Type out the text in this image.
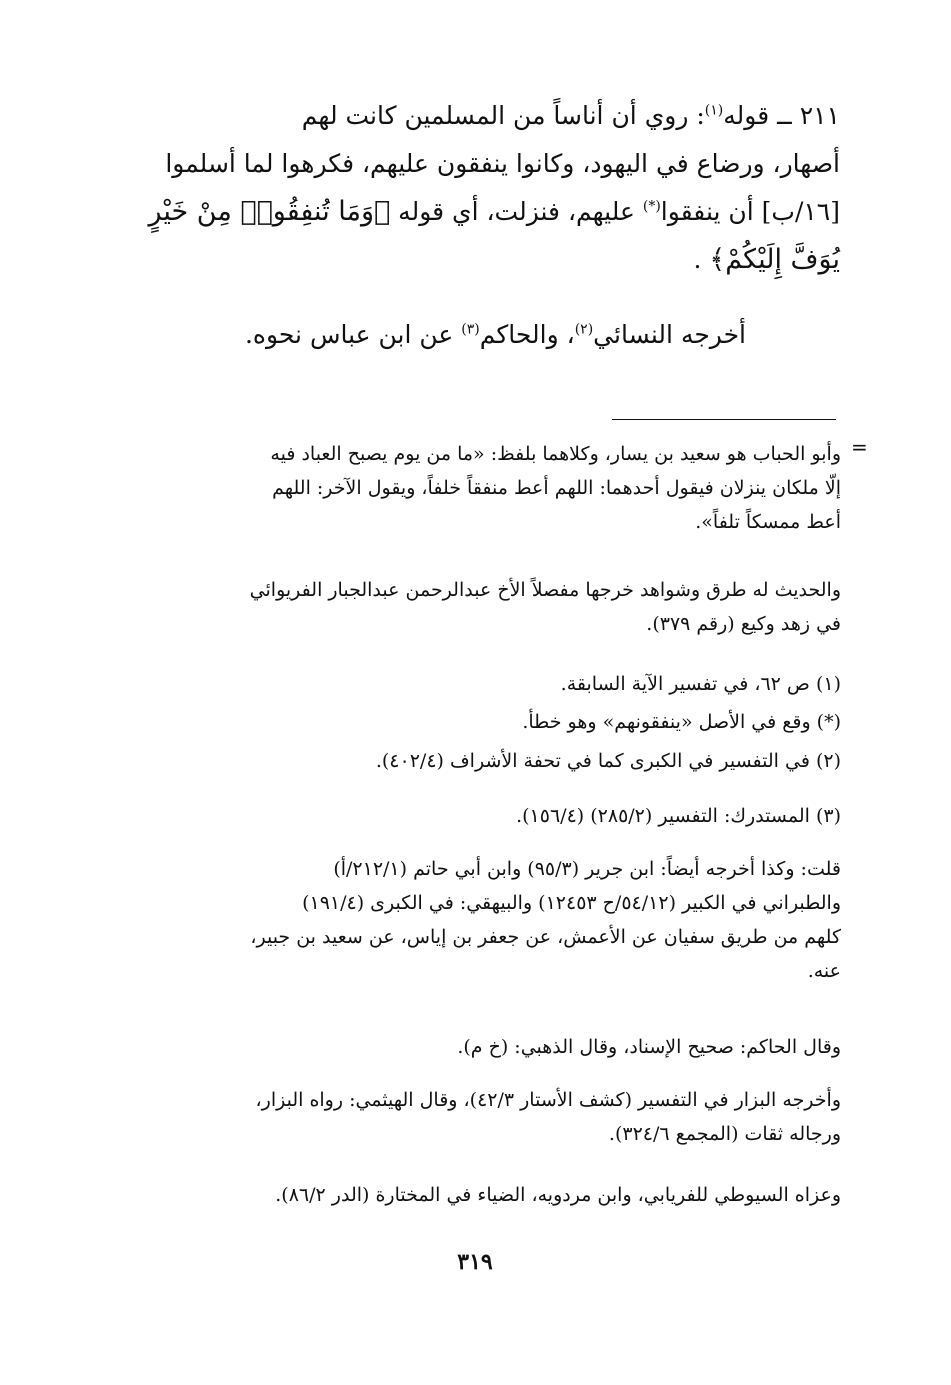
٢١١ ــ قوله$^{(١)}$: روي أن أناساً من المسلمين كانت لهم
أصهار، ورضاع في اليهود، وكانوا ينفقون عليهم، فكرهوا لما أسلموا
[١٦/ب] أن ينفقوا(*) عليهم، فنزلت، أي قوله ﴿وَمَا تُنفِقُوا۟ مِنْ خَيْرٍ
يُوَفَّ إِلَيْكُمْ﴾ .
أخرجه النسائي$^{(٢)}$، والحاكم$^{(٣)}$ عن ابن عباس نحوه.
=
وأبو الحباب هو سعيد بن يسار، وكلاهما بلفظ: «ما من يوم يصبح العباد فيه
إلّا ملكان ينزلان فيقول أحدهما: اللهم أعط منفقاً خلفاً، ويقول الآخر: اللهم
أعط ممسكاً تلفاً».
والحديث له طرق وشواهد خرجها مفصلاً الأخ عبدالرحمن عبدالجبار الفريوائي
في زهد وكيع (رقم ٣٧٩).
(١) ص ٦٢، في تفسير الآية السابقة.
(*) وقع في الأصل «ينفقونهم» وهو خطأ.
(٢) في التفسير في الكبرى كما في تحفة الأشراف (٤٠٢/٤).
(٣) المستدرك: التفسير (٢٨٥/٢) (١٥٦/٤).
قلت: وكذا أخرجه أيضاً: ابن جرير (٩٥/٣) وابن أبي حاتم (٢١٢/١/أ)
والطبراني في الكبير (٥٤/١٢/ح ١٢٤٥٣) والبيهقي: في الكبرى (١٩١/٤)
كلهم من طريق سفيان عن الأعمش، عن جعفر بن إياس، عن سعيد بن جبير،
عنه.
وقال الحاكم: صحيح الإسناد، وقال الذهبي: (خ م).
وأخرجه البزار في التفسير (كشف الأستار ٤٢/٣)، وقال الهيثمي: رواه البزار،
ورجاله ثقات (المجمع ٣٢٤/٦).
وعزاه السيوطي للفريابي، وابن مردويه، الضياء في المختارة (الدر ٨٦/٢).
٣١٩
